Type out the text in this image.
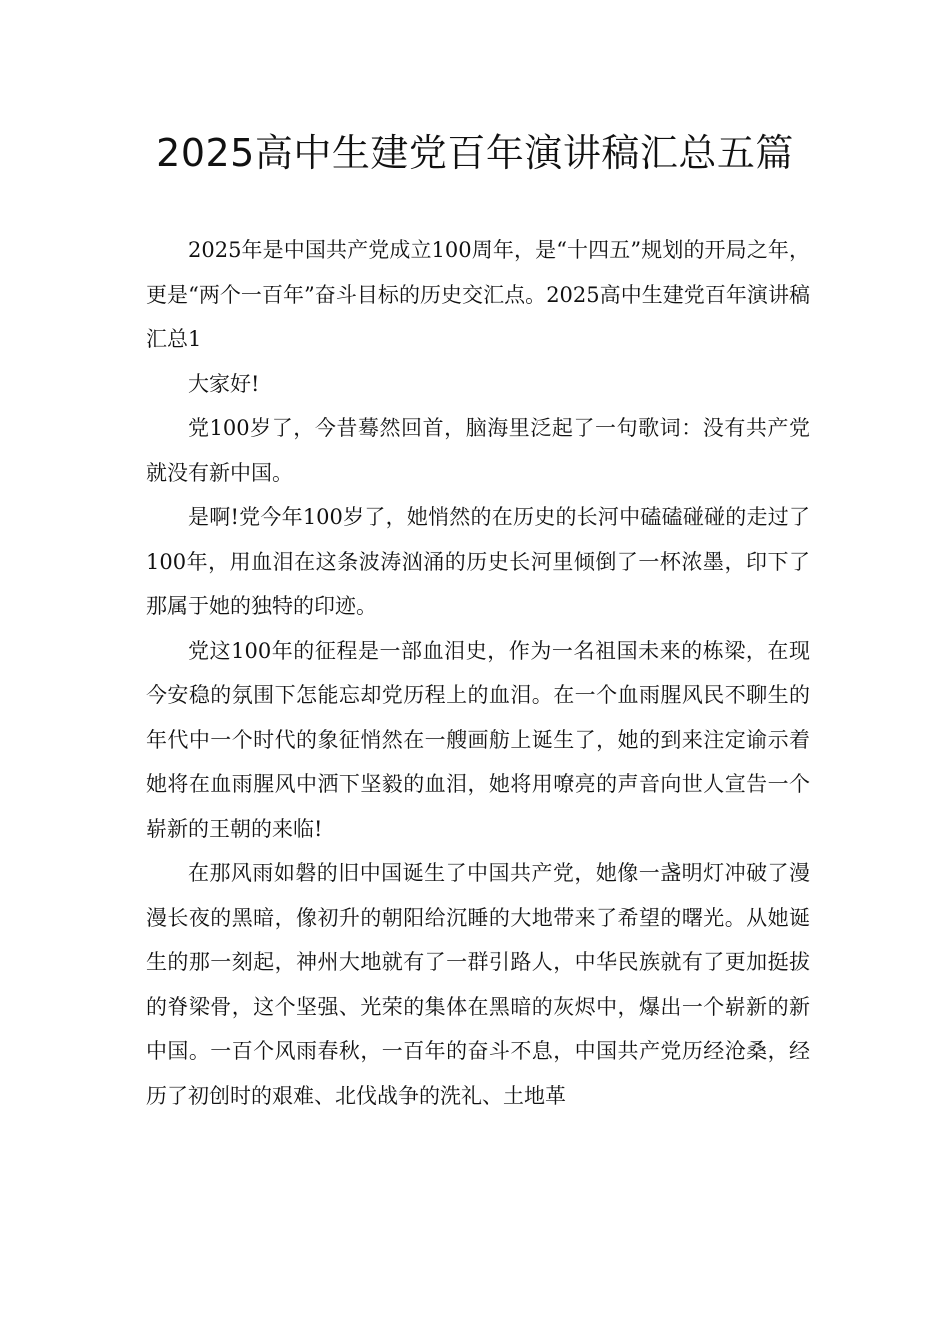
2025高中生建党百年演讲稿汇总五篇

2025年是中国共产党成立100周年，是“十四五”规划的开局之年，更是“两个一百年”奋斗目标的历史交汇点。2025高中生建党百年演讲稿汇总1

大家好!

党100岁了，今昔蓦然回首，脑海里泛起了一句歌词：没有共产党就没有新中国。

是啊!党今年100岁了，她悄然的在历史的长河中磕磕碰碰的走过了100年，用血泪在这条波涛汹涌的历史长河里倾倒了一杯浓墨，印下了那属于她的独特的印迹。

党这100年的征程是一部血泪史，作为一名祖国未来的栋梁，在现今安稳的氛围下怎能忘却党历程上的血泪。在一个血雨腥风民不聊生的年代中一个时代的象征悄然在一艘画舫上诞生了，她的到来注定谕示着她将在血雨腥风中洒下坚毅的血泪，她将用嘹亮的声音向世人宣告一个崭新的王朝的来临!

在那风雨如磐的旧中国诞生了中国共产党，她像一盏明灯冲破了漫漫长夜的黑暗，像初升的朝阳给沉睡的大地带来了希望的曙光。从她诞生的那一刻起，神州大地就有了一群引路人，中华民族就有了更加挺拔的脊梁骨，这个坚强、光荣的集体在黑暗的灰烬中，爆出一个崭新的新中国。一百个风雨春秋，一百年的奋斗不息，中国共产党历经沧桑，经历了初创时的艰难、北伐战争的洗礼、土地革
